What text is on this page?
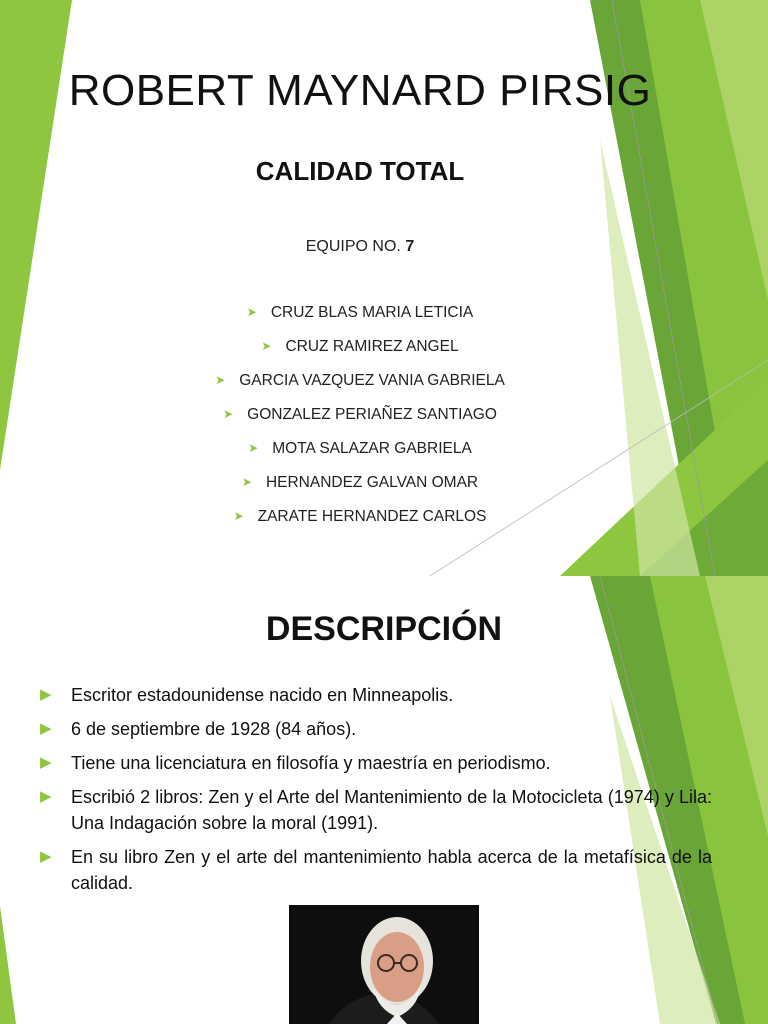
ROBERT MAYNARD PIRSIG
CALIDAD TOTAL
EQUIPO NO. 7
➤ CRUZ BLAS MARIA LETICIA
➤ CRUZ RAMIREZ ANGEL
➤ GARCIA VAZQUEZ VANIA GABRIELA
➤ GONZALEZ PERIAÑEZ SANTIAGO
➤ MOTA SALAZAR GABRIELA
➤ HERNANDEZ GALVAN OMAR
➤ ZARATE HERNANDEZ CARLOS
DESCRIPCIÓN
▶ Escritor estadounidense nacido en Minneapolis.
▶ 6 de septiembre de 1928 (84 años).
▶ Tiene una licenciatura en filosofía y maestría en periodismo.
▶ Escribió 2 libros: Zen y el Arte del Mantenimiento de la Motocicleta (1974) y Lila: Una Indagación sobre la moral (1991).
▶ En su libro Zen y el arte del mantenimiento habla acerca de la metafísica de la calidad.
